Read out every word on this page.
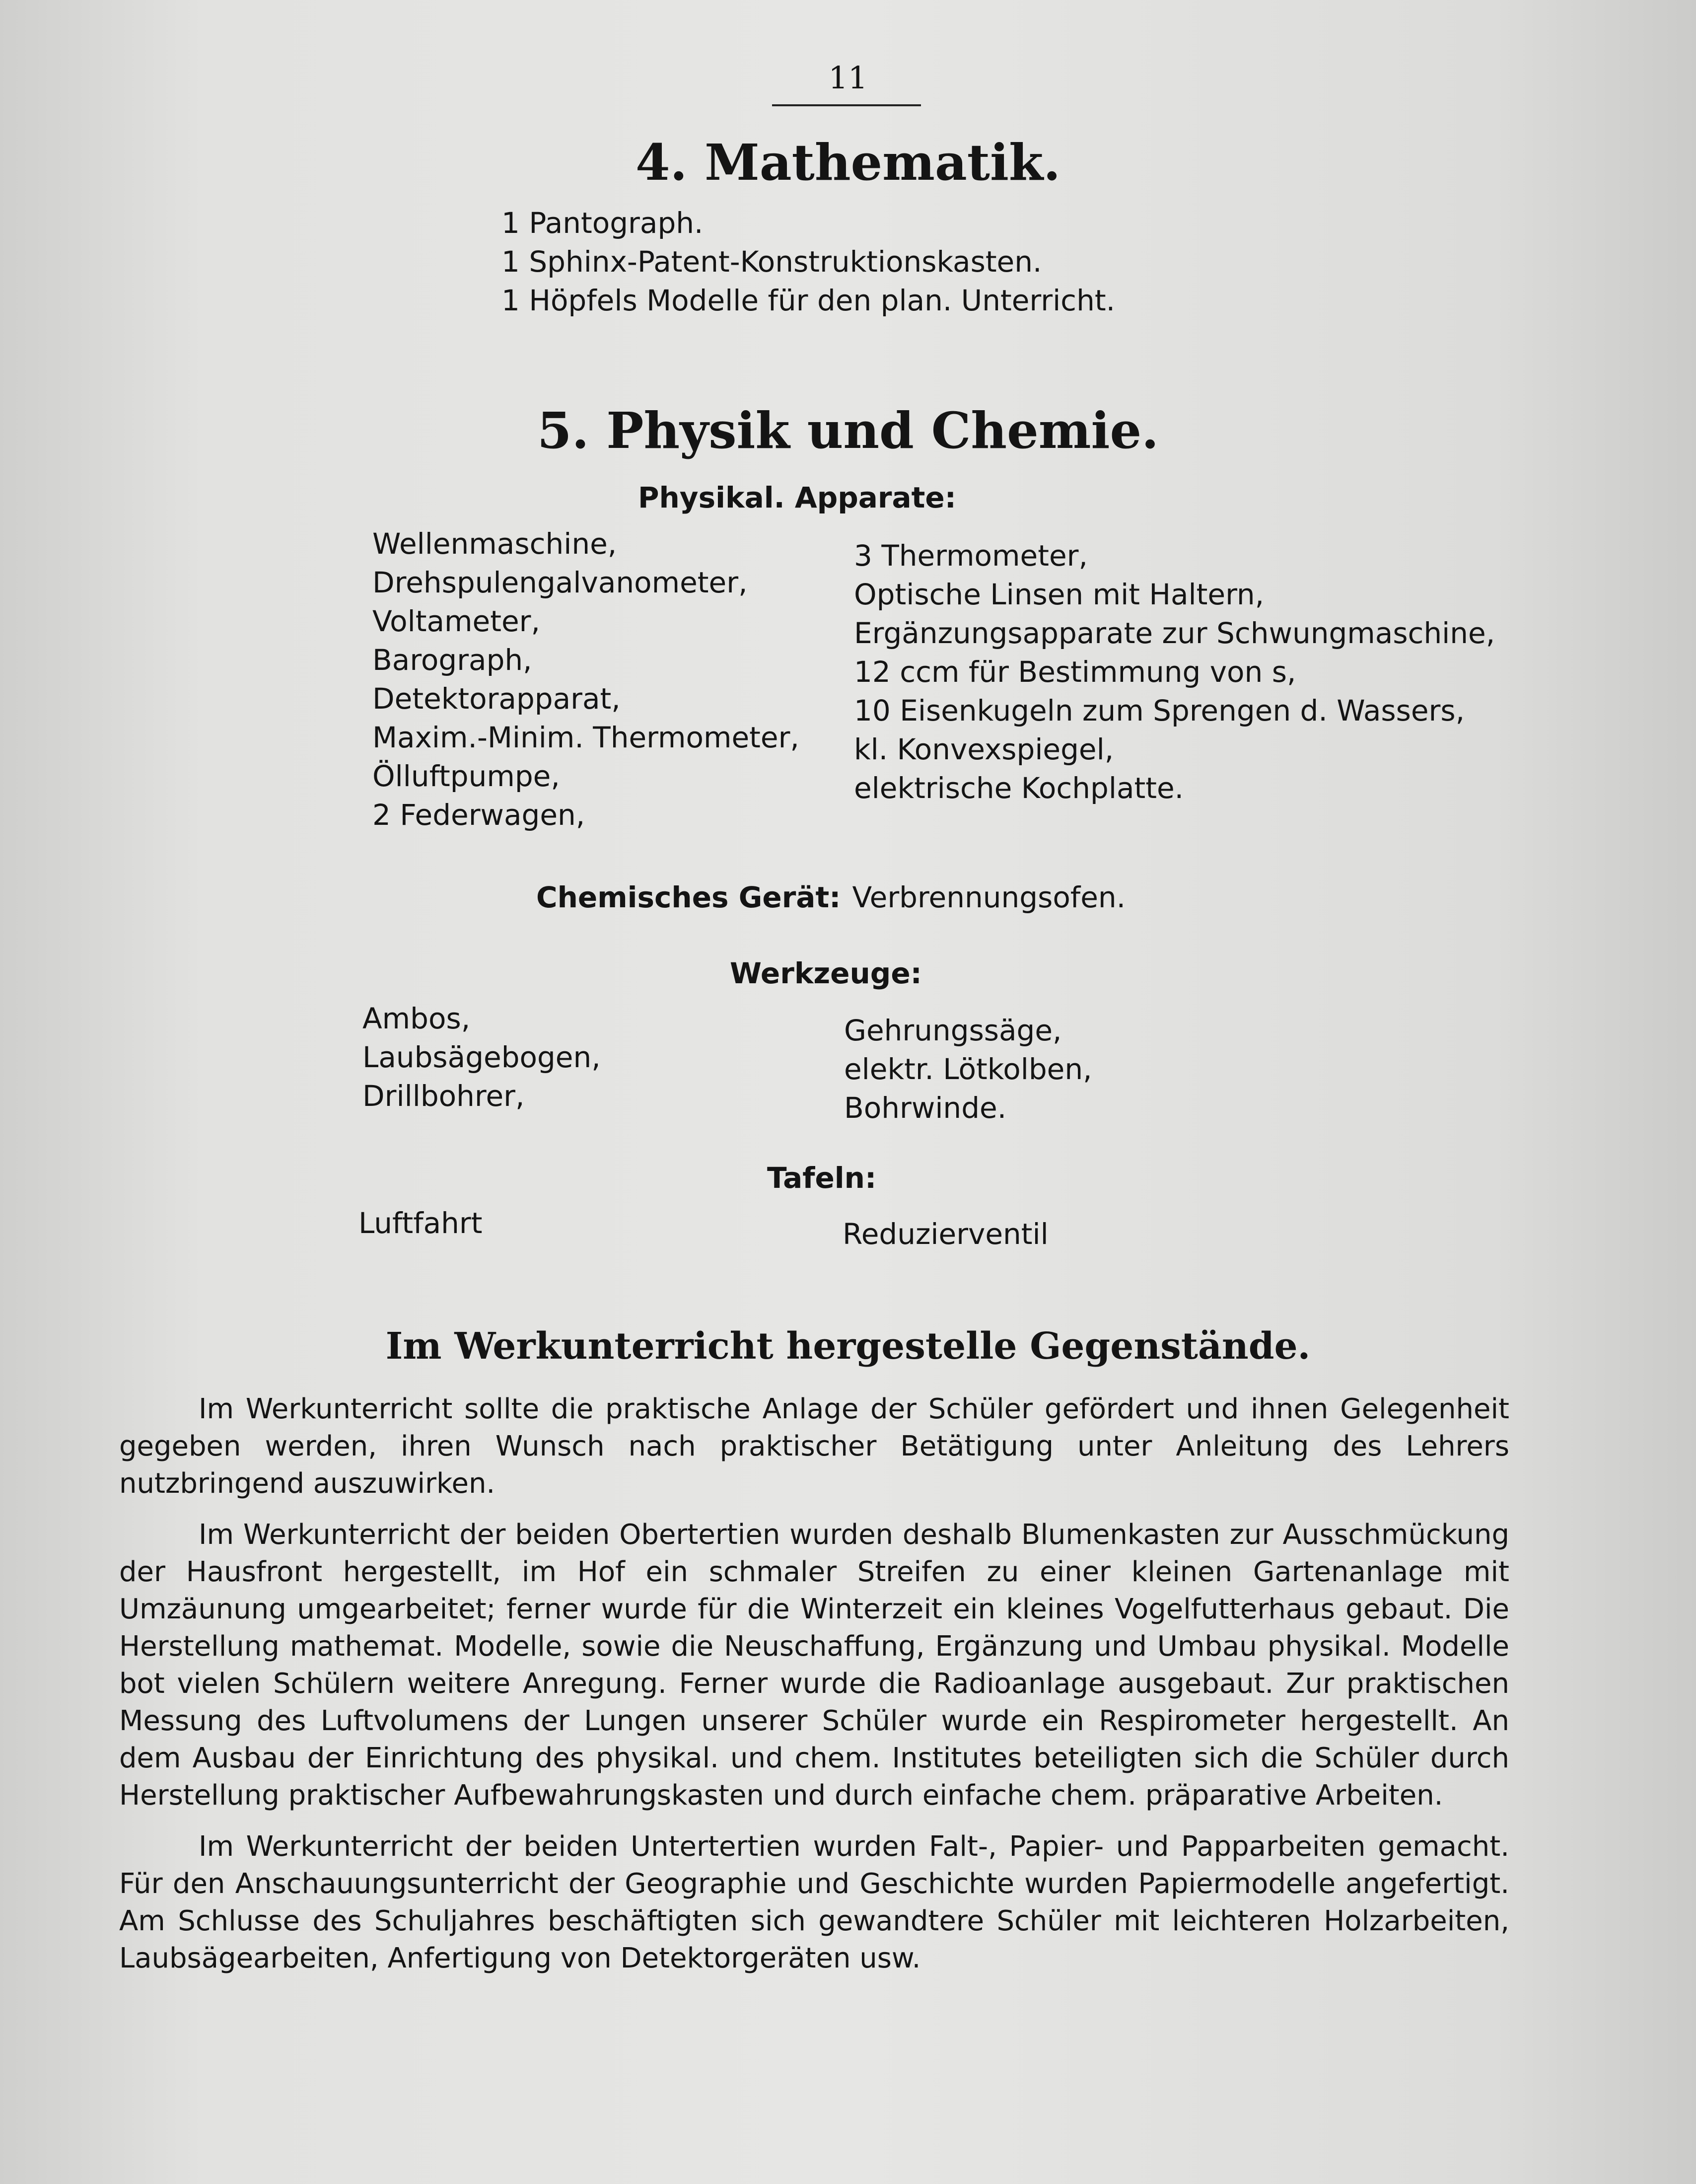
11
4. Mathematik.
1 Pantograph.
1 Sphinx-Patent-Konstruktionskasten.
1 Höpfels Modelle für den plan. Unterricht.
5. Physik und Chemie.
Physikal. Apparate:
Wellenmaschine,
Drehspulengalvanometer,
Voltameter,
Barograph,
Detektorapparat,
Maxim.-Minim. Thermometer,
Ölluftpumpe,
2 Federwagen,
3 Thermometer,
Optische Linsen mit Haltern,
Ergänzungsapparate zur Schwungmaschine,
12 ccm für Bestimmung von s,
10 Eisenkugeln zum Sprengen d. Wassers,
kl. Konvexspiegel,
elektrische Kochplatte.
Chemisches Gerät: Verbrennungsofen.
Werkzeuge:
Ambos,
Laubsägebogen,
Drillbohrer,
Gehrungssäge,
elektr. Lötkolben,
Bohrwinde.
Tafeln:
Luftfahrt	Reduzierventil
Im Werkunterricht hergestelle Gegenstände.

Im Werkunterricht sollte die praktische Anlage der Schüler gefördert und ihnen Gelegenheit gegeben werden, ihren Wunsch nach praktischer Betätigung unter Anleitung des Lehrers nutzbringend auszuwirken.

Im Werkunterricht der beiden Obertertien wurden deshalb Blumenkasten zur Ausschmückung der Hausfront hergestellt, im Hof ein schmaler Streifen zu einer kleinen Gartenanlage mit Umzäunung umgearbeitet; ferner wurde für die Winterzeit ein kleines Vogelfutterhaus gebaut. Die Herstellung mathemat. Modelle, sowie die Neuschaffung, Ergänzung und Umbau physikal. Modelle bot vielen Schülern weitere Anregung. Ferner wurde die Radioanlage ausgebaut. Zur praktischen Messung des Luftvolumens der Lungen unserer Schüler wurde ein Respirometer hergestellt. An dem Ausbau der Einrichtung des physikal. und chem. Institutes beteiligten sich die Schüler durch Herstellung praktischer Aufbewahrungskasten und durch einfache chem. präparative Arbeiten.

Im Werkunterricht der beiden Untertertien wurden Falt-, Papier- und Papparbeiten gemacht. Für den Anschauungsunterricht der Geographie und Geschichte wurden Papiermodelle angefertigt. Am Schlusse des Schuljahres beschäftigten sich gewandtere Schüler mit leichteren Holzarbeiten, Laubsägearbeiten, Anfertigung von Detektorgeräten usw.
